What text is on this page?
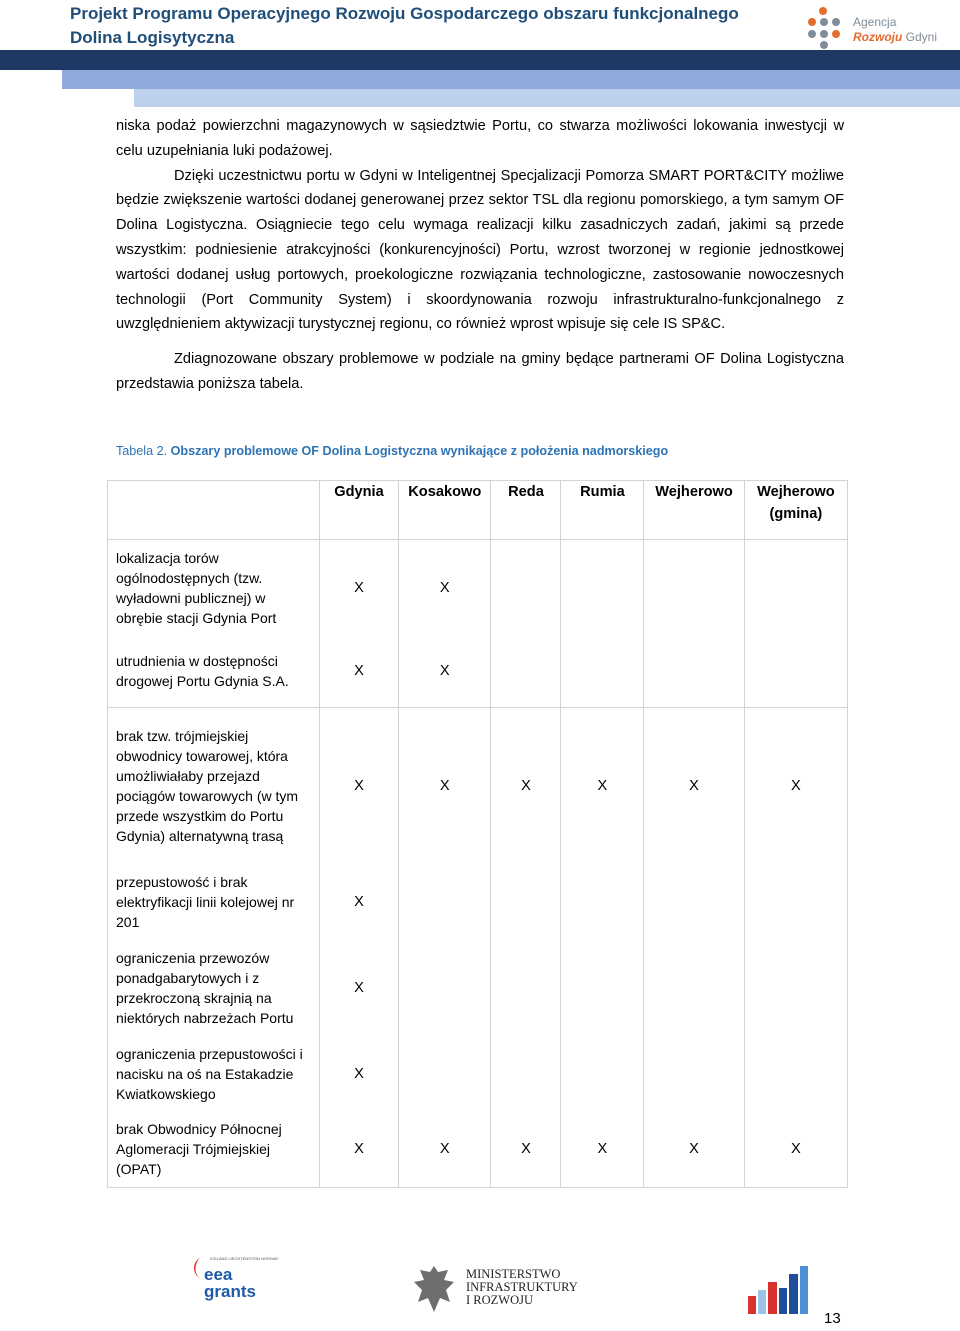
Projekt Programu Operacyjnego Rozwoju Gospodarczego obszaru funkcjonalnego Dolina Logisytyczna
Agencja
Rozwoju Gdyni

niska podaż powierzchni magazynowych w sąsiedztwie Portu, co stwarza możliwości lokowania inwestycji w celu uzupełniania luki podażowej.

Dzięki uczestnictwu portu w Gdyni w Inteligentnej Specjalizacji Pomorza SMART PORT&CITY możliwe będzie zwiększenie wartości dodanej generowanej przez sektor TSL dla regionu pomorskiego, a tym samym OF Dolina Logistyczna. Osiągniecie tego celu wymaga realizacji kilku zasadniczych zadań, jakimi są przede wszystkim: podniesienie atrakcyjności (konkurencyjności) Portu, wzrost tworzonej w regionie jednostkowej wartości dodanej usług portowych, proekologiczne rozwiązania technologiczne, zastosowanie nowoczesnych technologii (Port Community System) i skoordynowania rozwoju infrastrukturalno-funkcjonalnego z uwzględnieniem aktywizacji turystycznej regionu, co również wprost wpisuje się cele IS SP&C.

Zdiagnozowane obszary problemowe w podziale na gminy będące partnerami OF Dolina Logistyczna przedstawia poniższa tabela.

Tabela 2. Obszary problemowe OF Dolina Logistyczna wynikające z położenia nadmorskiego
	Gdynia	Kosakowo	Reda	Rumia	Wejherowo	Wejherowo (gmina)
lokalizacja torów ogólnodostępnych (tzw. wyładowni publicznej) w obrębie stacji Gdynia Port	X	X				
utrudnienia w dostępności drogowej Portu Gdynia S.A.	X	X				
brak tzw. trójmiejskiej obwodnicy towarowej, która umożliwiałaby przejazd pociągów towarowych (w tym przede wszystkim do Portu Gdynia) alternatywną trasą	X	X	X	X	X	X
przepustowość i brak elektryfikacji linii kolejowej nr 201	X					
ograniczenia przewozów ponadgabarytowych i z przekroczoną skrajnią na niektórych nabrzeżach Portu	X					
ograniczenia przepustowości i nacisku na oś na Estakadzie Kwiatkowskiego	X					
brak Obwodnicy Północnej Aglomeracji Trójmiejskiej (OPAT)	X	X	X	X	X	X
ICELAND LIECHTENSTEIN NORWAY
eea
grants
MINISTERSTWO
INFRASTRUKTURY
I ROZWOJU
13
